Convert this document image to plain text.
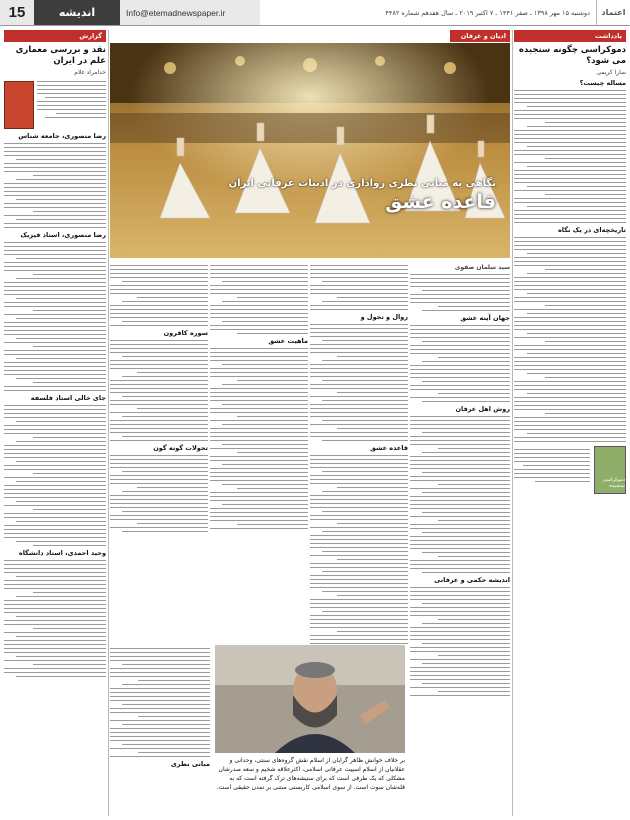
15	اندیشه	Info@etemadnewspaper.ir	دوشنبه ۱۵ مهر ۱۳۹۸ ـ صفر ۱۴۴۱ ـ ۷ اکتبر ۲۰۱۹ ـ سال هفدهم شماره ۴۴۸۲	اعتماد
یادداشت
دموکراسی چگونه سنجیده می شود؟
سارا کریمی
مساله چیست؟
تاریخچه‌ای در یک نگاه
دموکراسی سنجیده
ادیان و عرفان
نگاهی به مبانی نظری رواداری در ادبیات عرفانی ایران
قاعده عشق
سید سلمان صفوی
جهان آینه عشق
روش اهل عرفان
اندیشه حکمی و عرفانی
زوال و تحول و
قاعده عشق
ماهیت عشق
سوره کافرون
تحولات گونه گون
مبانی نظری	بر خلاف خوانش ظاهر گرایان از اسلام نقش گروه‌های سنتی، وحدانی و عقلانیان از اسلام اسپیت عرفانی اسلامی، اکثرعلاقه شخیم و سعه صدرشان مشکلی که یک طرفی است که برای ستیشه‌های ترک گرفته است که به قله‌شان سوت است. از سوی اسلامی کاربستی مبتنی بر تمدن حقیقی است.
گزارش
نقد و بررسی معماری علم در ایران
خدامراد غلام
رضا منصوری، جامعه شناس
رضا منصوری، استاد فیزیک
جای خالی استاد فلسفه
وحید احمدی، استاد دانشگاه
